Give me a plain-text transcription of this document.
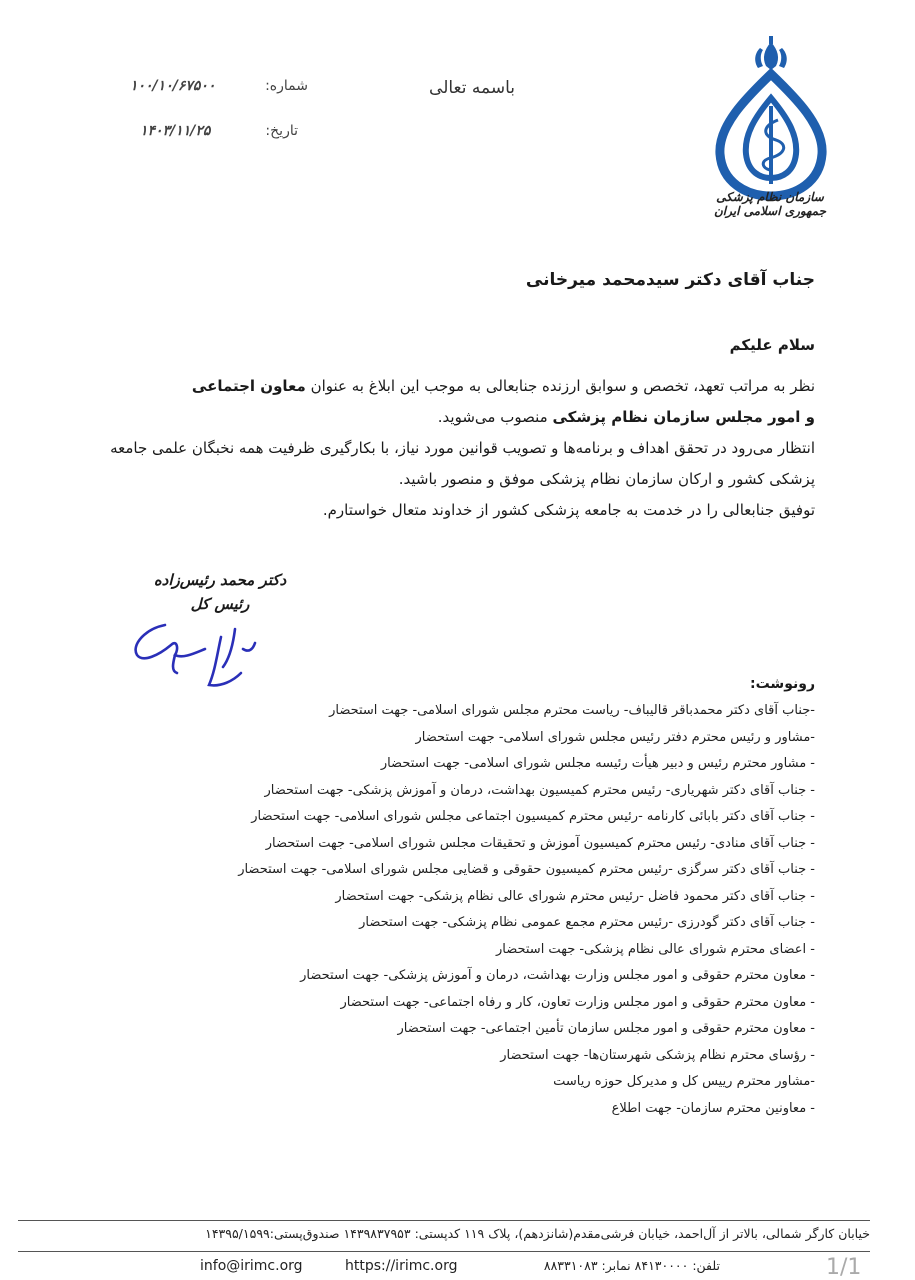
سازمان نظام پزشکی جمهوری اسلامی ایران
باسمه تعالی
شماره:
۱۰۰/۱۰/۶۷۵۰۰
تاریخ:
۱۴۰۳/۱۱/۲۵
جناب آقای دکتر سیدمحمد میرخانی
سلام علیکم
نظر به مراتب تعهد، تخصص و سوابق ارزنده جنابعالی به موجب این ابلاغ به عنوان معاون اجتماعی
و امور مجلس سازمان نظام پزشکی منصوب می‌شوید.
انتظار می‌رود در تحقق اهداف و برنامه‌ها و تصویب قوانین مورد نیاز، با بکارگیری ظرفیت همه نخبگان علمی جامعه پزشکی کشور و ارکان سازمان نظام پزشکی موفق و منصور باشید.
توفیق جنابعالی را در خدمت به جامعه پزشکی کشور از خداوند متعال خواستارم.
دکتر محمد رئیس‌زاده
رئیس کل
رونوشت:
-جناب آقای دکتر محمدباقر قالیباف- ریاست محترم مجلس شورای اسلامی- جهت استحضار
-مشاور و رئیس محترم دفتر رئیس مجلس شورای اسلامی- جهت استحضار
- مشاور محترم رئیس و دبیر هیأت رئیسه مجلس شورای اسلامی- جهت استحضار
- جناب آقای دکتر شهریاری- رئیس محترم کمیسیون بهداشت، درمان و آموزش پزشکی- جهت استحضار
- جناب آقای دکتر بابائی کارنامه -رئیس محترم کمیسیون اجتماعی مجلس شورای اسلامی- جهت استحضار
- جناب آقای منادی- رئیس محترم کمیسیون آموزش و تحقیقات مجلس شورای اسلامی- جهت استحضار
- جناب آقای دکتر سرگزی -رئیس محترم کمیسیون حقوقی و قضایی مجلس شورای اسلامی- جهت استحضار
- جناب آقای دکتر محمود فاضل -رئیس محترم شورای عالی نظام پزشکی- جهت استحضار
- جناب آقای دکتر گودرزی -رئیس محترم مجمع عمومی نظام پزشکی- جهت استحضار
- اعضای محترم شورای عالی نظام پزشکی- جهت استحضار
- معاون محترم حقوقی و امور مجلس وزارت بهداشت، درمان و آموزش پزشکی- جهت استحضار
- معاون محترم حقوقی و امور مجلس وزارت تعاون، کار و رفاه اجتماعی- جهت استحضار
- معاون محترم حقوقی و امور مجلس سازمان تأمین اجتماعی- جهت استحضار
- رؤسای محترم نظام پزشکی شهرستان‌ها- جهت استحضار
-مشاور محترم رییس کل و مدیرکل حوزه ریاست
- معاونین محترم سازمان- جهت اطلاع
خیابان کارگر شمالی، بالاتر از آل‌احمد، خیابان فرشی‌مقدم(شانزدهم)، پلاک ۱۱۹ کدپستی: ۱۴۳۹۸۳۷۹۵۳ صندوق‌پستی:۱۴۳۹۵/۱۵۹۹
info@irimc.org	https://irimc.org	تلفن: ۸۴۱۳۰۰۰۰ نمابر: ۸۸۳۳۱۰۸۳	1/1
